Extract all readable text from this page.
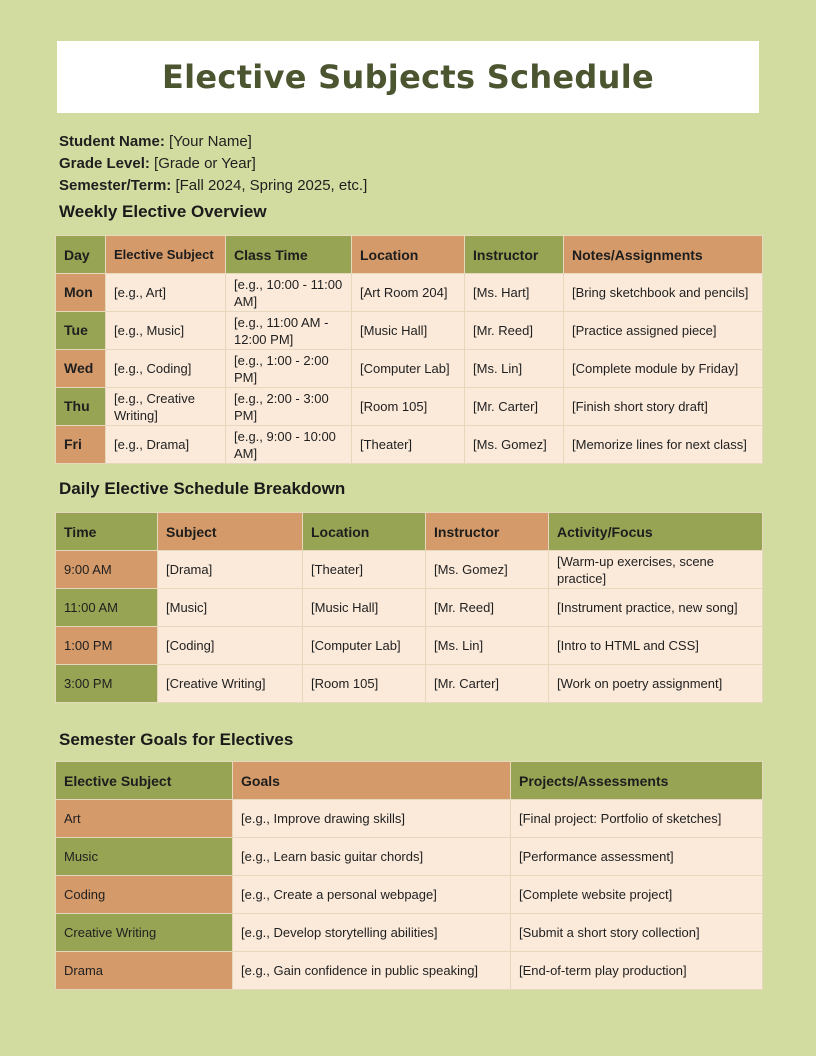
Elective Subjects Schedule
Student Name: [Your Name]
Grade Level: [Grade or Year]
Semester/Term: [Fall 2024, Spring 2025, etc.]
Weekly Elective Overview
Day	Elective Subject	Class Time	Location	Instructor	Notes/Assignments
Mon	[e.g., Art]	[e.g., 10:00 - 11:00 AM]	[Art Room 204]	[Ms. Hart]	[Bring sketchbook and pencils]
Tue	[e.g., Music]	[e.g., 11:00 AM - 12:00 PM]	[Music Hall]	[Mr. Reed]	[Practice assigned piece]
Wed	[e.g., Coding]	[e.g., 1:00 - 2:00 PM]	[Computer Lab]	[Ms. Lin]	[Complete module by Friday]
Thu	[e.g., Creative Writing]	[e.g., 2:00 - 3:00 PM]	[Room 105]	[Mr. Carter]	[Finish short story draft]
Fri	[e.g., Drama]	[e.g., 9:00 - 10:00 AM]	[Theater]	[Ms. Gomez]	[Memorize lines for next class]
Daily Elective Schedule Breakdown
Time	Subject	Location	Instructor	Activity/Focus
9:00 AM	[Drama]	[Theater]	[Ms. Gomez]	[Warm-up exercises, scene practice]
11:00 AM	[Music]	[Music Hall]	[Mr. Reed]	[Instrument practice, new song]
1:00 PM	[Coding]	[Computer Lab]	[Ms. Lin]	[Intro to HTML and CSS]
3:00 PM	[Creative Writing]	[Room 105]	[Mr. Carter]	[Work on poetry assignment]
Semester Goals for Electives
Elective Subject	Goals	Projects/Assessments
Art	[e.g., Improve drawing skills]	[Final project: Portfolio of sketches]
Music	[e.g., Learn basic guitar chords]	[Performance assessment]
Coding	[e.g., Create a personal webpage]	[Complete website project]
Creative Writing	[e.g., Develop storytelling abilities]	[Submit a short story collection]
Drama	[e.g., Gain confidence in public speaking]	[End-of-term play production]
